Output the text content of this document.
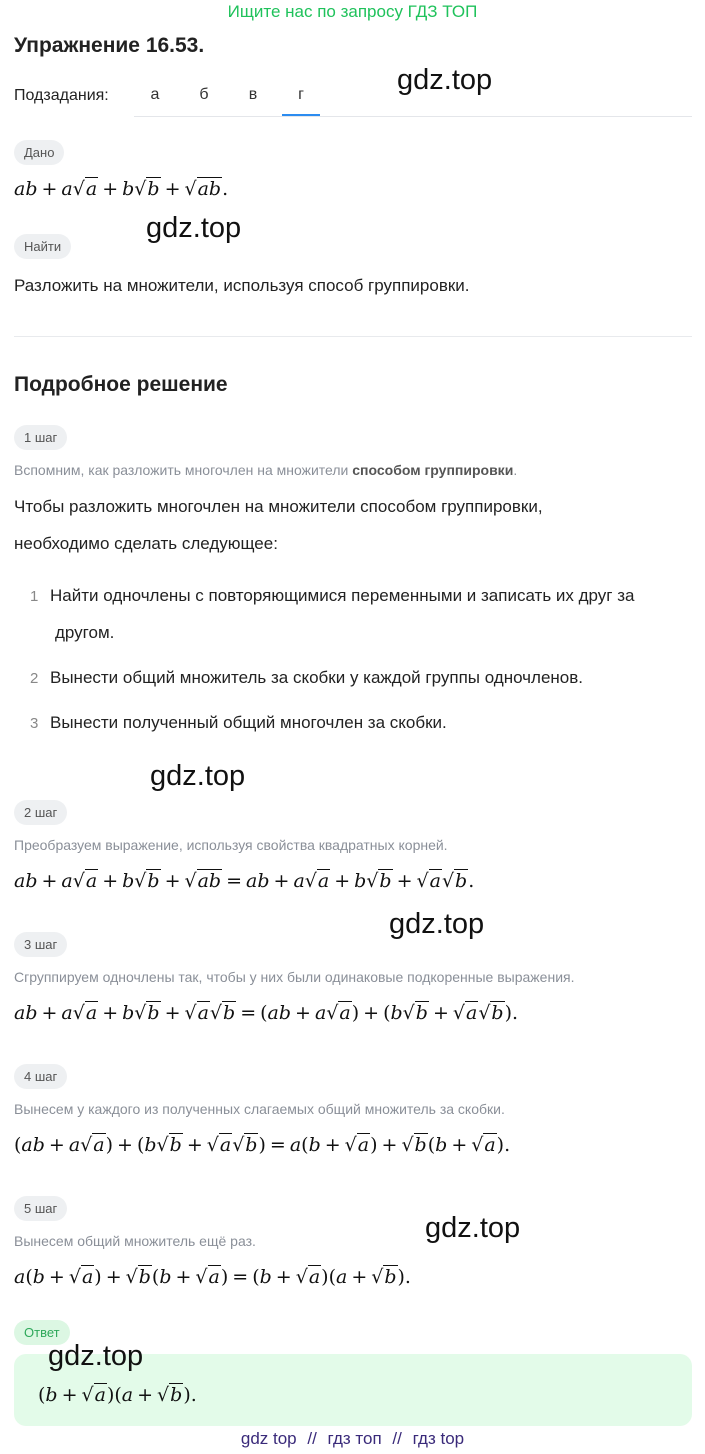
Ищите нас по запросу ГДЗ ТОП
Упражнение 16.53.
Подзадания:	а	б	в	г	gdz.top
Дано
ab + a√a + b√b + √ab.
Найти
gdz.top
Разложить на множители, используя способ группировки.
Подробное решение
1 шаг
Вспомним, как разложить многочлен на множители способом группировки.
Чтобы разложить многочлен на множители способом группировки,
необходимо сделать следующее:
1 Найти одночлены с повторяющимися переменными и записать их друг за
другом.
2 Вынести общий множитель за скобки у каждой группы одночленов.
3 Вынести полученный общий многочлен за скобки.
gdz.top
2 шаг
Преобразуем выражение, используя свойства квадратных корней.
ab + a√a + b√b + √ab = ab + a√a + b√b + √a√b.
gdz.top
3 шаг
Сгруппируем одночлены так, чтобы у них были одинаковые подкоренные выражения.
ab + a√a + b√b + √a√b = (ab + a√a) + (b√b + √a√b).
4 шаг
Вынесем у каждого из полученных слагаемых общий множитель за скобки.
(ab + a√a) + (b√b + √a√b) = a(b + √a) + √b(b + √a).
5 шаг
gdz.top
Вынесем общий множитель ещё раз.
a(b + √a) + √b(b + √a) = (b + √a)(a + √b).
Ответ
gdz.top
(b + √a)(a + √b).
gdz top // гдз топ // гдз top
